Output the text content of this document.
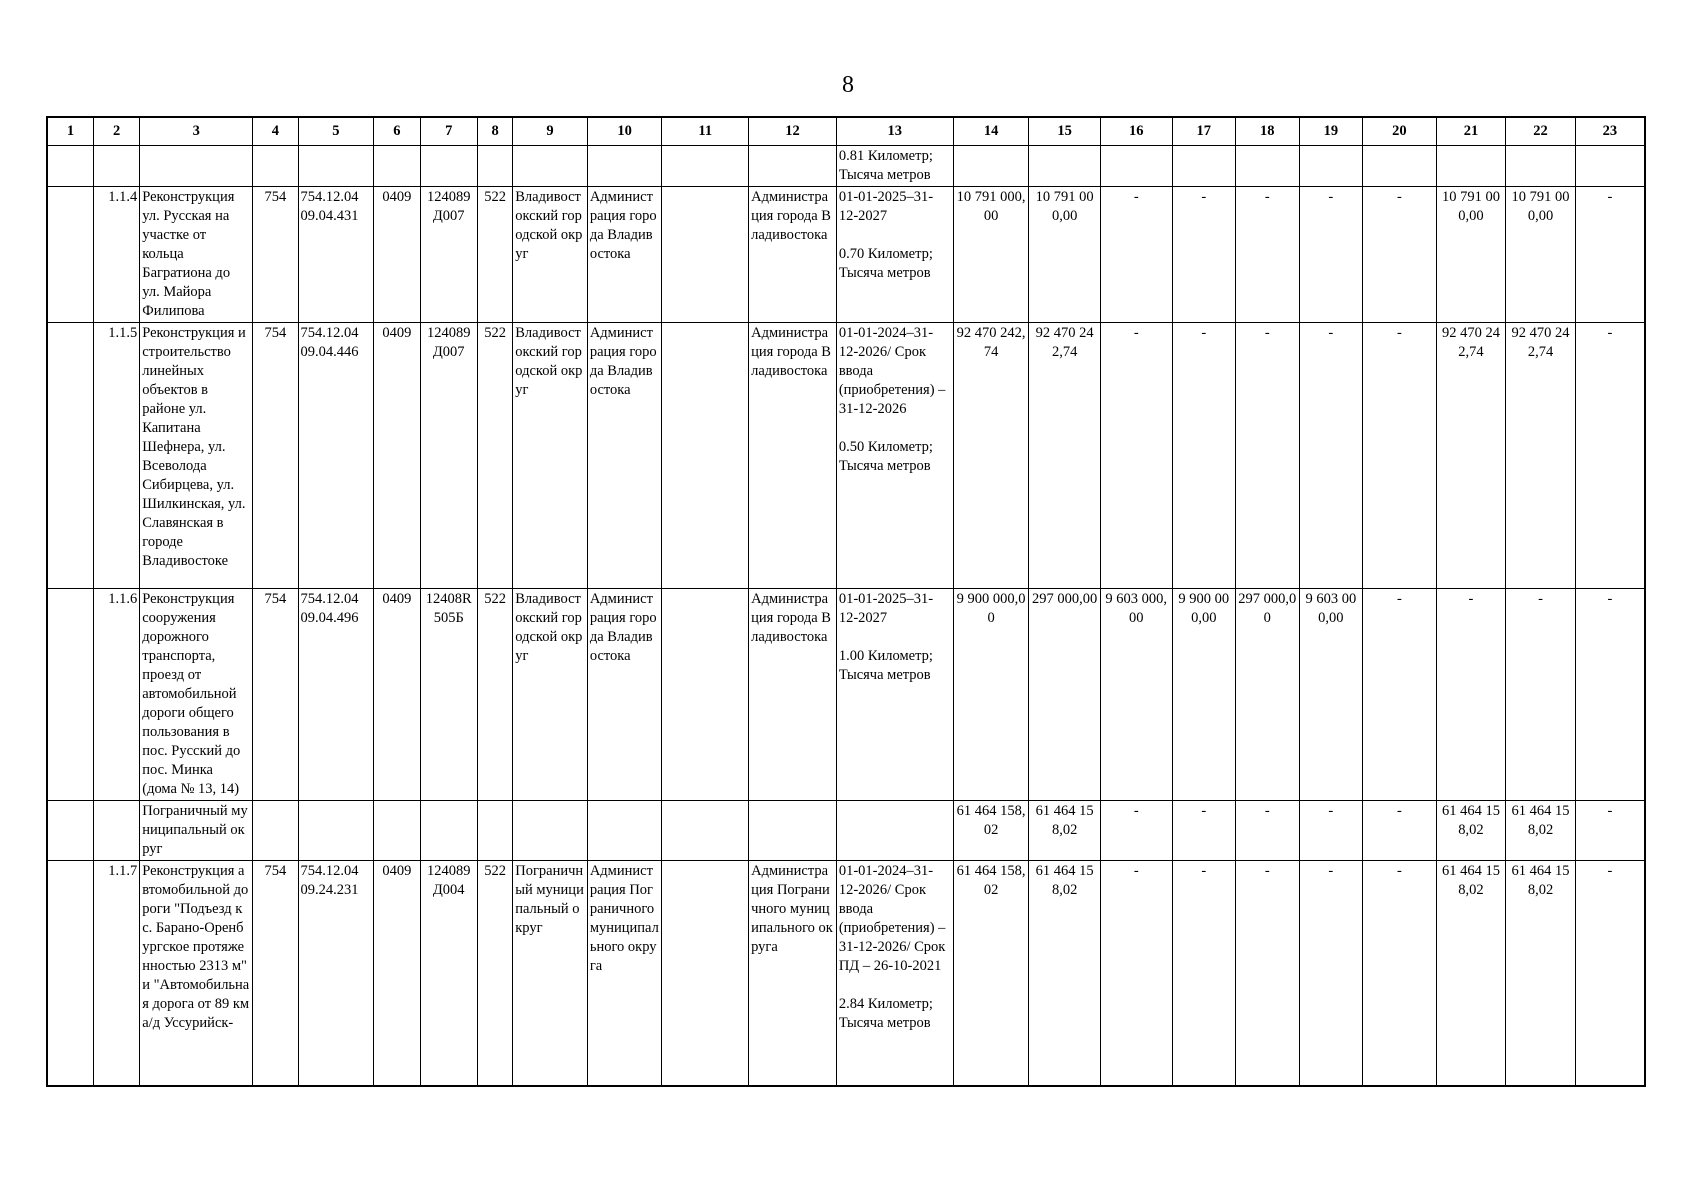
8
1	2	3	4	5	6	7	8	9	10	11	12	13	14	15	16	17	18	19	20	21	22	23
												0.81 Километр;
Тысяча метров										
	1.1.4	Реконструкция ул. Русская на участке от кольца Багратиона до ул. Майора Филипова	754	754.12.04
09.04.431	0409	124089
Д007	522	Владивостокский городской округ	Администрация города Владивостока		Администрация города Владивостока	01-01-2025–31-12-2027

0.70 Километр;
Тысяча метров	10 791 000,00	10 791 000,00	-	-	-	-	-	10 791 000,00	10 791 000,00	-
	1.1.5	Реконструкция и строительство линейных объектов в районе ул. Капитана Шефнера, ул. Всеволода Сибирцева, ул. Шилкинская, ул. Славянская в городе Владивостоке	754	754.12.04
09.04.446	0409	124089
Д007	522	Владивостокский городской округ	Администрация города Владивостока		Администрация города Владивостока	01-01-2024–31-12-2026/ Срок ввода (приобретения) – 31-12-2026

0.50 Километр;
Тысяча метров	92 470 242,74	92 470 242,74	-	-	-	-	-	92 470 242,74	92 470 242,74	-
	1.1.6	Реконструкция сооружения дорожного транспорта, проезд от автомобильной дороги общего пользования в пос. Русский до пос. Минка (дома № 13, 14)	754	754.12.04
09.04.496	0409	12408R
505Б	522	Владивостокский городской округ	Администрация города Владивостока		Администрация города Владивостока	01-01-2025–31-12-2027

1.00 Километр;
Тысяча метров	9 900 000,00	297 000,00	9 603 000,00	9 900 000,00	297 000,00	9 603 000,00	-	-	-	-
		Пограничный муниципальный округ											61 464 158,02	61 464 158,02	-	-	-	-	-	61 464 158,02	61 464 158,02	-
	1.1.7	Реконструкция автомобильной дороги "Подъезд к с. Барано-Оренбургское протяженностью 2313 м" и "Автомобильная дорога от 89 км а/д Уссурийск-	754	754.12.04
09.24.231	0409	124089
Д004	522	Пограничный муниципальный округ	Администрация Пограничного муниципального округа		Администрация Пограничного муниципального округа	01-01-2024–31-12-2026/ Срок ввода (приобретения) – 31-12-2026/ Срок ПД – 26-10-2021

2.84 Километр;
Тысяча метров	61 464 158,02	61 464 158,02	-	-	-	-	-	61 464 158,02	61 464 158,02	-
